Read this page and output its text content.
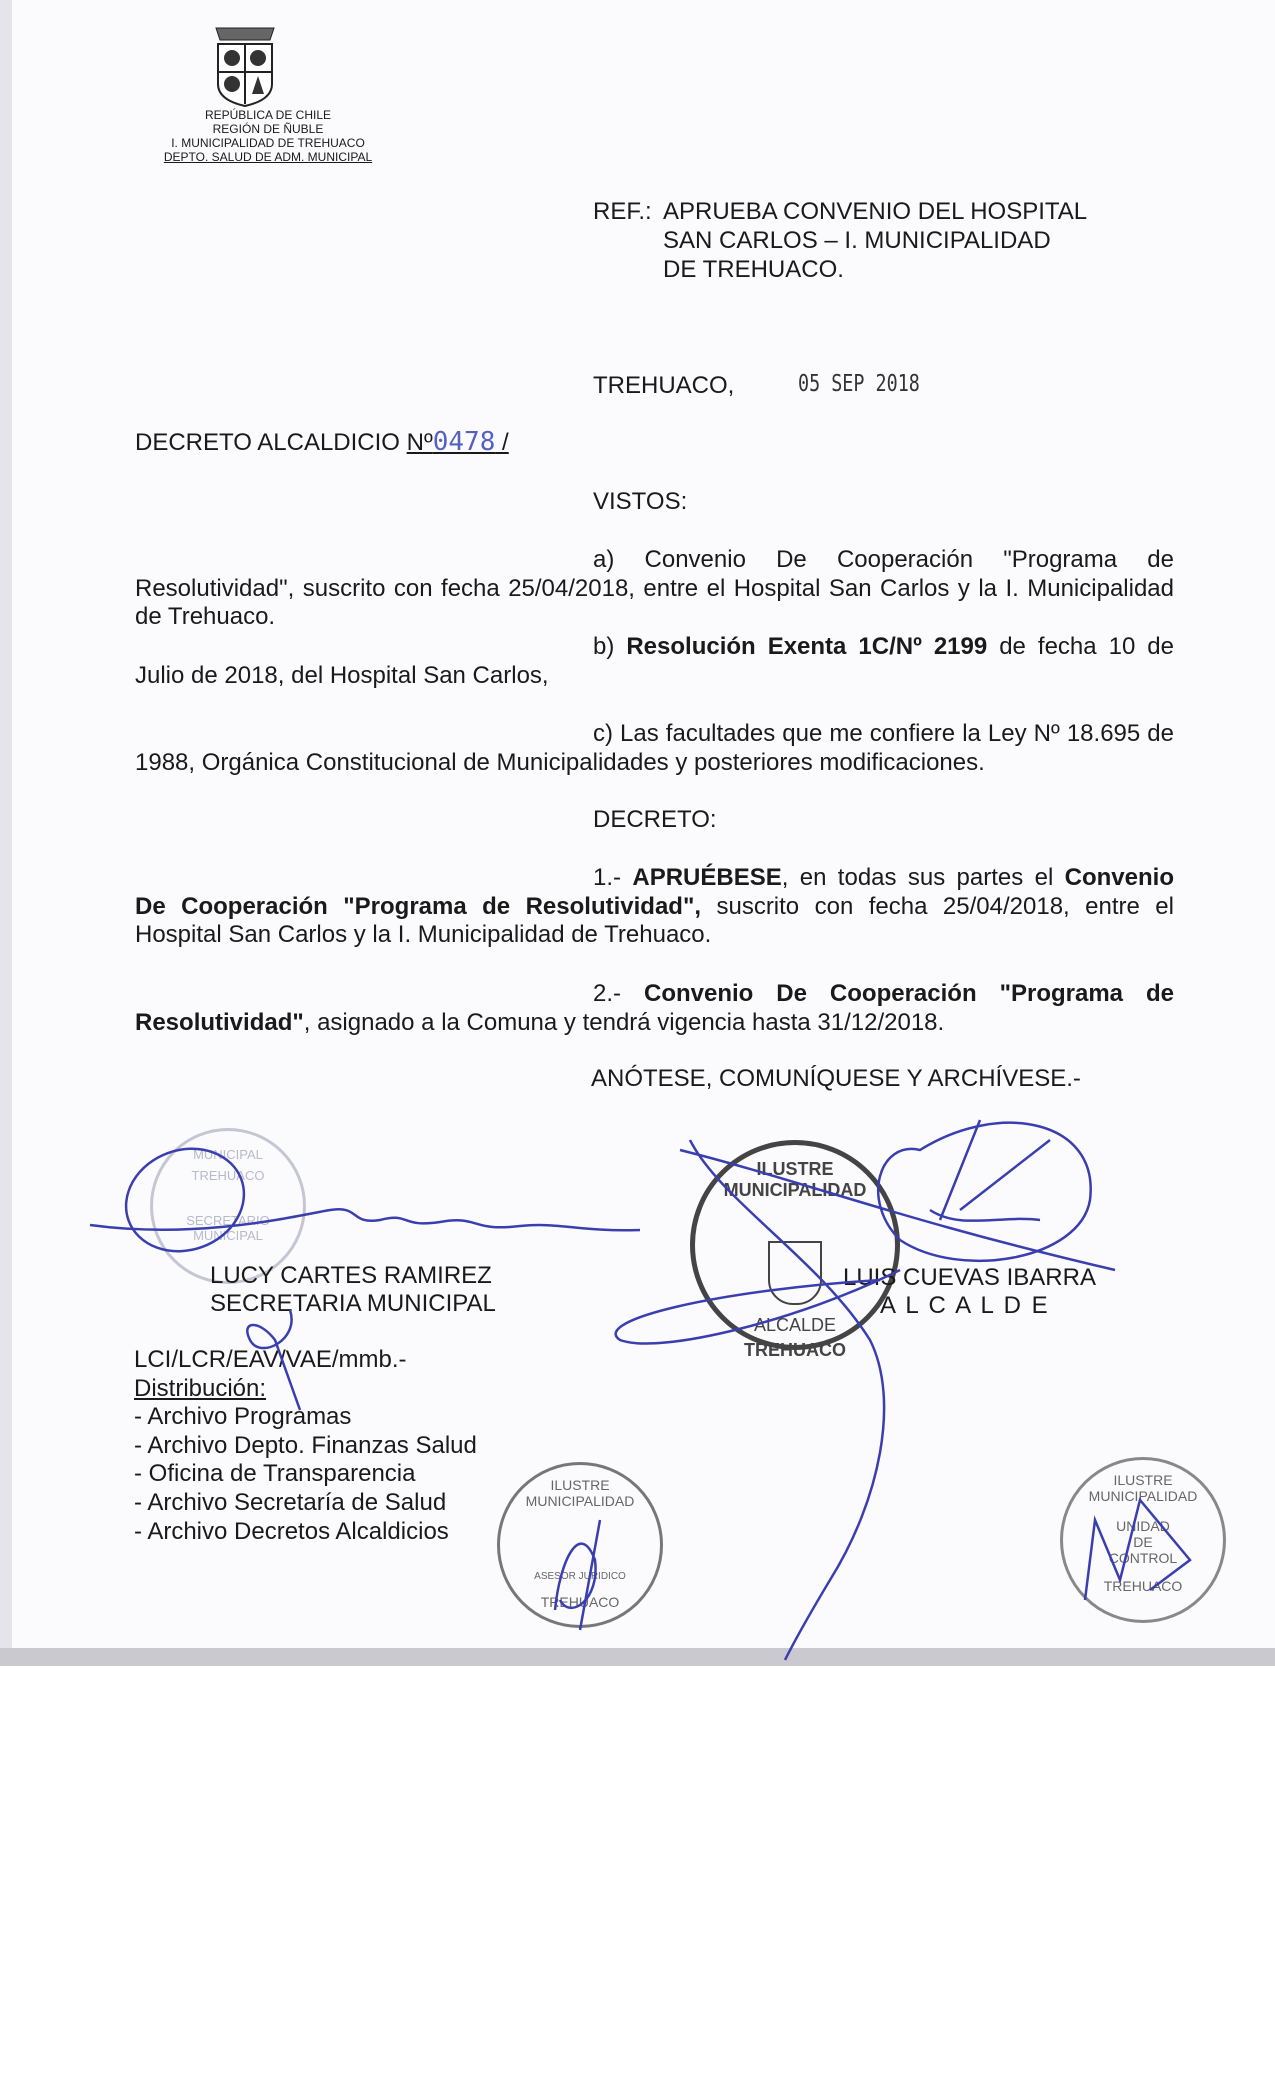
REPÚBLICA DE CHILE
REGIÓN DE ÑUBLE
I. MUNICIPALIDAD DE TREHUACO
DEPTO. SALUD DE ADM. MUNICIPAL
REF.: APRUEBA CONVENIO DEL HOSPITAL
SAN CARLOS – I. MUNICIPALIDAD
DE TREHUACO.
TREHUACO,	05 SEP 2018
DECRETO ALCALDICIO Nº0478 /
VISTOS:
a) Convenio De Cooperación "Programa de Resolutividad", suscrito con fecha 25/04/2018, entre el Hospital San Carlos y la I. Municipalidad de Trehuaco.
b) Resolución Exenta 1C/Nº 2199 de fecha 10 de Julio de 2018, del Hospital San Carlos,
c) Las facultades que me confiere la Ley Nº 18.695 de 1988, Orgánica Constitucional de Municipalidades y posteriores modificaciones.
DECRETO:
1.- APRUÉBESE, en todas sus partes el Convenio De Cooperación "Programa de Resolutividad", suscrito con fecha 25/04/2018, entre el Hospital San Carlos y la I. Municipalidad de Trehuaco.
2.- Convenio De Cooperación "Programa de Resolutividad", asignado a la Comuna y tendrá vigencia hasta 31/12/2018.
ANÓTESE, COMUNÍQUESE Y ARCHÍVESE.-
MUNICIPAL
TREHUACO
SECRETARIO MUNICIPAL
ILUSTRE MUNICIPALIDAD
ALCALDE
TREHUACO
ILUSTRE MUNICIPALIDAD
ASESOR JURIDICO
TREHUACO
ILUSTRE MUNICIPALIDAD
UNIDAD
DE
CONTROL
TREHUACO
LUCY CARTES RAMIREZ
SECRETARIA MUNICIPAL
LUIS CUEVAS IBARRA
A L C A L D E
LCI/LCR/EAV/VAE/mmb.-
Distribución:
- Archivo Programas
- Archivo Depto. Finanzas Salud
- Oficina de Transparencia
- Archivo Secretaría de Salud
- Archivo Decretos Alcaldicios
